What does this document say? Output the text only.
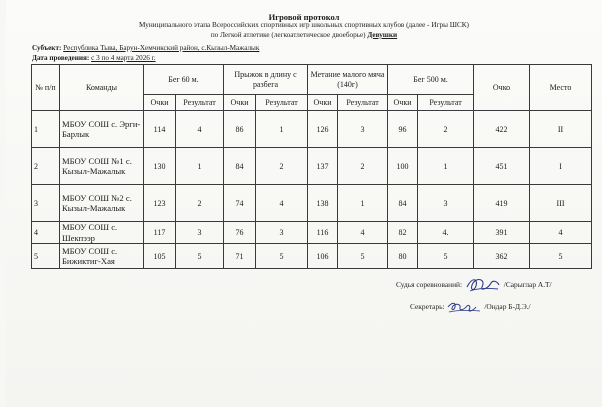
Игровой протокол
Муниципального этапа Всероссийских спортивных игр школьных спортивных клубов (далее - Игры ШСК)
по Легкой атлетике (легкоатлетическое двоеборье) Девушки
Субъект: Республика Тыва, Барун-Хемчикский район, с.Кызыл-Мажалык
Дата проведения: с 3 по 4 марта 2026 г.
№ п/п	Команды	Бег 60 м.		Прыжок в длину с разбега		Метание малого мяча (140г)		Бег 500 м.		Очко	Место
		Очки	Результат	Очки	Результат	Очки	Результат	Очки	Результат		
1	МБОУ СОШ с. Эрги-Барлык	114	4	86	1	126	3	96	2	422	II
2	МБОУ СОШ №1 с. Кызыл-Мажалык	130	1	84	2	137	2	100	1	451	I
3	МБОУ СОШ №2 с. Кызыл-Мажалык	123	2	74	4	138	1	84	3	419	III
4	МБОУ СОШ с. Шекпээр	117	3	76	3	116	4	82	4.	391	4
5	МБОУ СОШ с. Бижиктиг-Хая	105	5	71	5	106	5	80	5	362	5
Судья соревнований:	/Сарыглар А.Т/
Секретарь:	/Ондар Б-Д.Э./
